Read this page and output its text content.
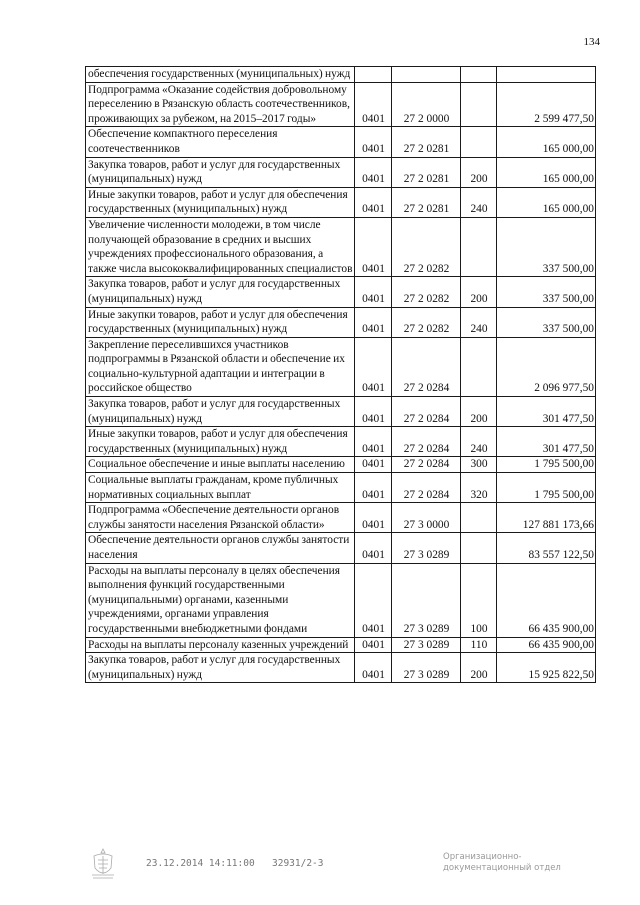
134
обеспечения государственных (муниципальных) нужд				
Подпрограмма «Оказание содействия добровольному переселению в Рязанскую область соотечественников, проживающих за рубежом, на 2015–2017 годы»	0401	27 2 0000		2 599 477,50
Обеспечение компактного переселения соотечественников	0401	27 2 0281		165 000,00
Закупка товаров, работ и услуг для государственных (муниципальных) нужд	0401	27 2 0281	200	165 000,00
Иные закупки товаров, работ и услуг для обеспечения государственных (муниципальных) нужд	0401	27 2 0281	240	165 000,00
Увеличение численности молодежи, в том числе получающей образование в средних и высших учреждениях профессионального образования, а также числа высококвалифицированных специалистов	0401	27 2 0282		337 500,00
Закупка товаров, работ и услуг для государственных (муниципальных) нужд	0401	27 2 0282	200	337 500,00
Иные закупки товаров, работ и услуг для обеспечения государственных (муниципальных) нужд	0401	27 2 0282	240	337 500,00
Закрепление переселившихся участников подпрограммы в Рязанской области и обеспечение их социально-культурной адаптации и интеграции в российское общество	0401	27 2 0284		2 096 977,50
Закупка товаров, работ и услуг для государственных (муниципальных) нужд	0401	27 2 0284	200	301 477,50
Иные закупки товаров, работ и услуг для обеспечения государственных (муниципальных) нужд	0401	27 2 0284	240	301 477,50
Социальное обеспечение и иные выплаты населению	0401	27 2 0284	300	1 795 500,00
Социальные выплаты гражданам, кроме публичных нормативных социальных выплат	0401	27 2 0284	320	1 795 500,00
Подпрограмма «Обеспечение деятельности органов службы занятости населения Рязанской области»	0401	27 3 0000		127 881 173,66
Обеспечение деятельности органов службы занятости населения	0401	27 3 0289		83 557 122,50
Расходы на выплаты персоналу в целях обеспечения выполнения функций государственными (муниципальными) органами, казенными учреждениями, органами управления государственными внебюджетными фондами	0401	27 3 0289	100	66 435 900,00
Расходы на выплаты персоналу казенных учреждений	0401	27 3 0289	110	66 435 900,00
Закупка товаров, работ и услуг для государственных (муниципальных) нужд	0401	27 3 0289	200	15 925 822,50
23.12.2014 14:11:00 32931/2-3
Организационно-
документационный отдел
